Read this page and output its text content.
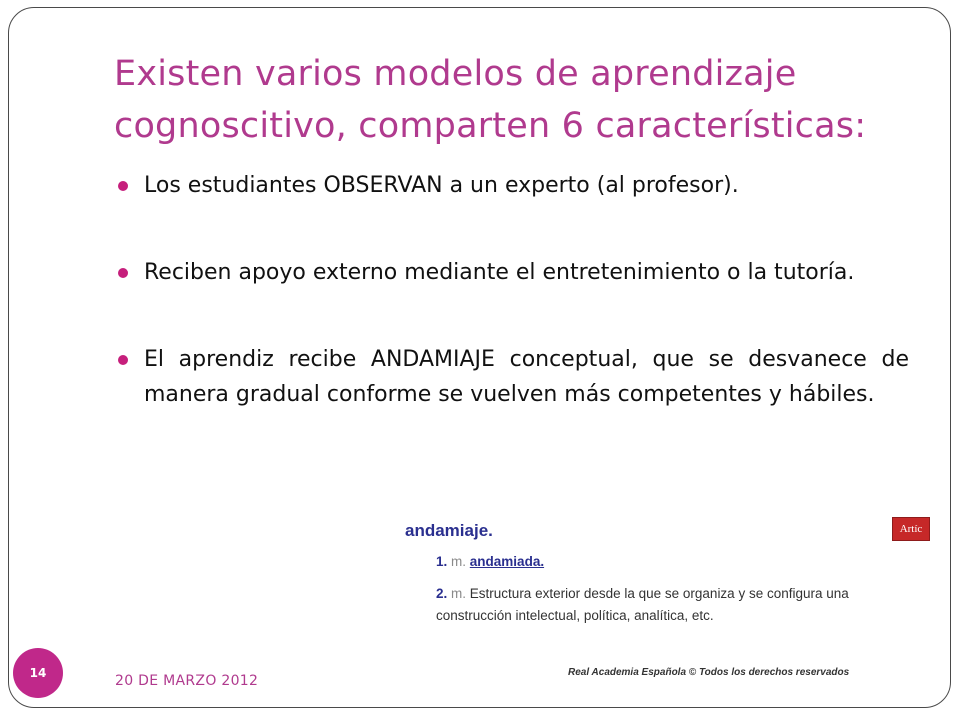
Existen varios modelos de aprendizaje cognoscitivo, comparten 6 características:
Los estudiantes OBSERVAN a un experto (al profesor).
Reciben apoyo externo mediante el entretenimiento o la tutoría.
El aprendiz recibe ANDAMIAJE conceptual, que se desvanece de manera gradual conforme se vuelven más competentes y hábiles.
andamiaje.	Artíc
1. m. andamiada.
2. m. Estructura exterior desde la que se organiza y se configura una construcción intelectual, política, analítica, etc.
Real Academia Española © Todos los derechos reservados
20 DE MARZO 2012
14
